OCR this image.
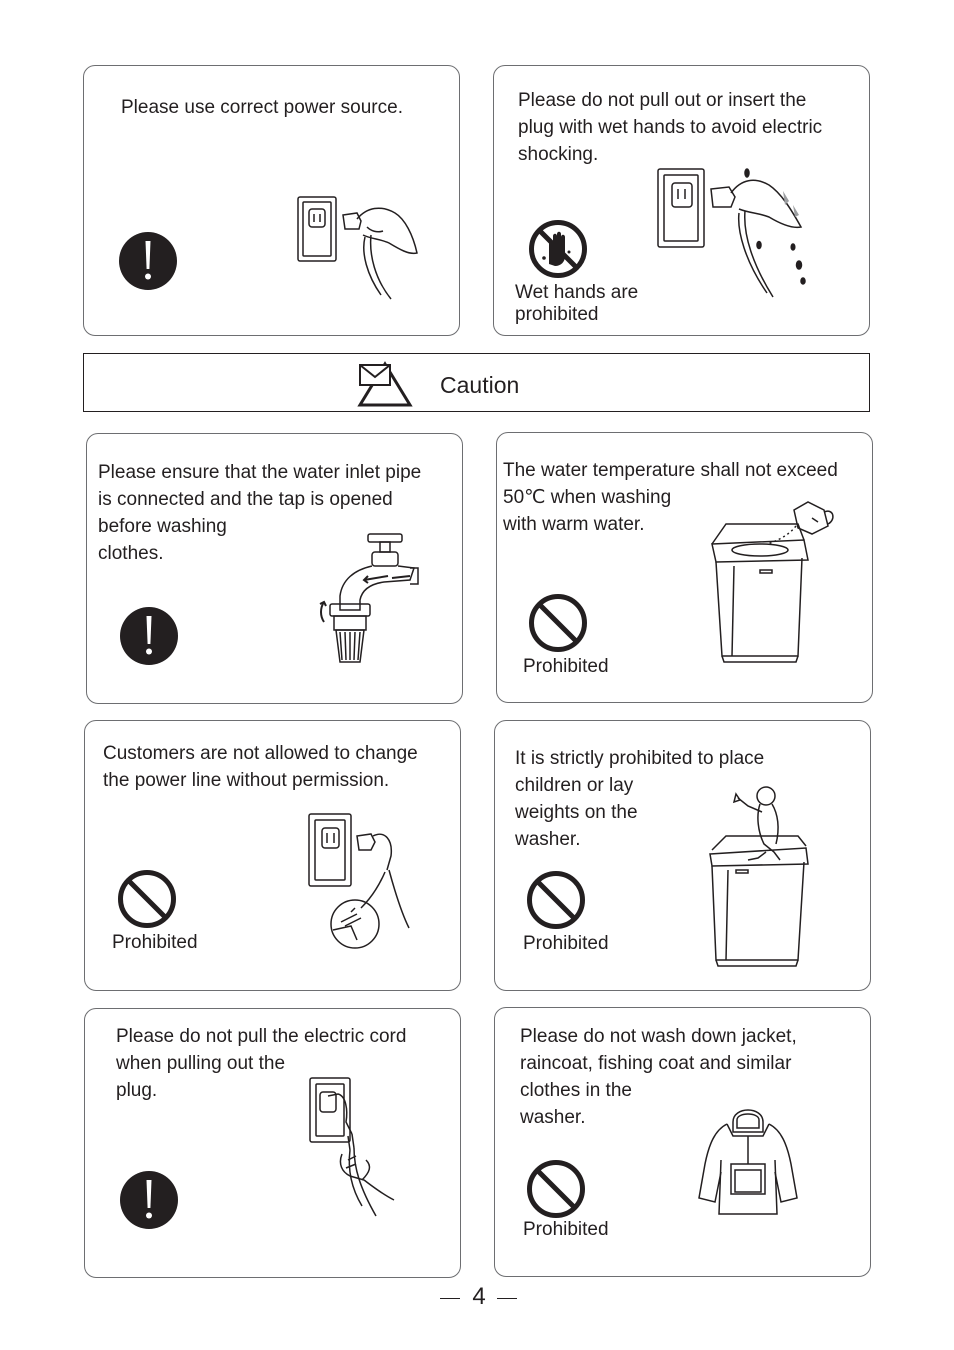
Please use correct power source.	Please do not pull out or insert the
plug with wet hands to avoid electric
shocking.
Wet hands are
prohibited
Caution
Please ensure that the water inlet pipe
is connected and the tap is opened
before washing
clothes.
The water temperature shall not exceed
50℃ when washing
with warm water.
Prohibited
Customers are not allowed to change
the power line without permission.
Prohibited
It is strictly prohibited to place
children or lay
weights on the
washer.
Prohibited
Please do not pull the electric cord
when pulling out the
plug.
Please do not wash down jacket,
raincoat, fishing coat and similar
clothes in the
washer.
Prohibited
4
